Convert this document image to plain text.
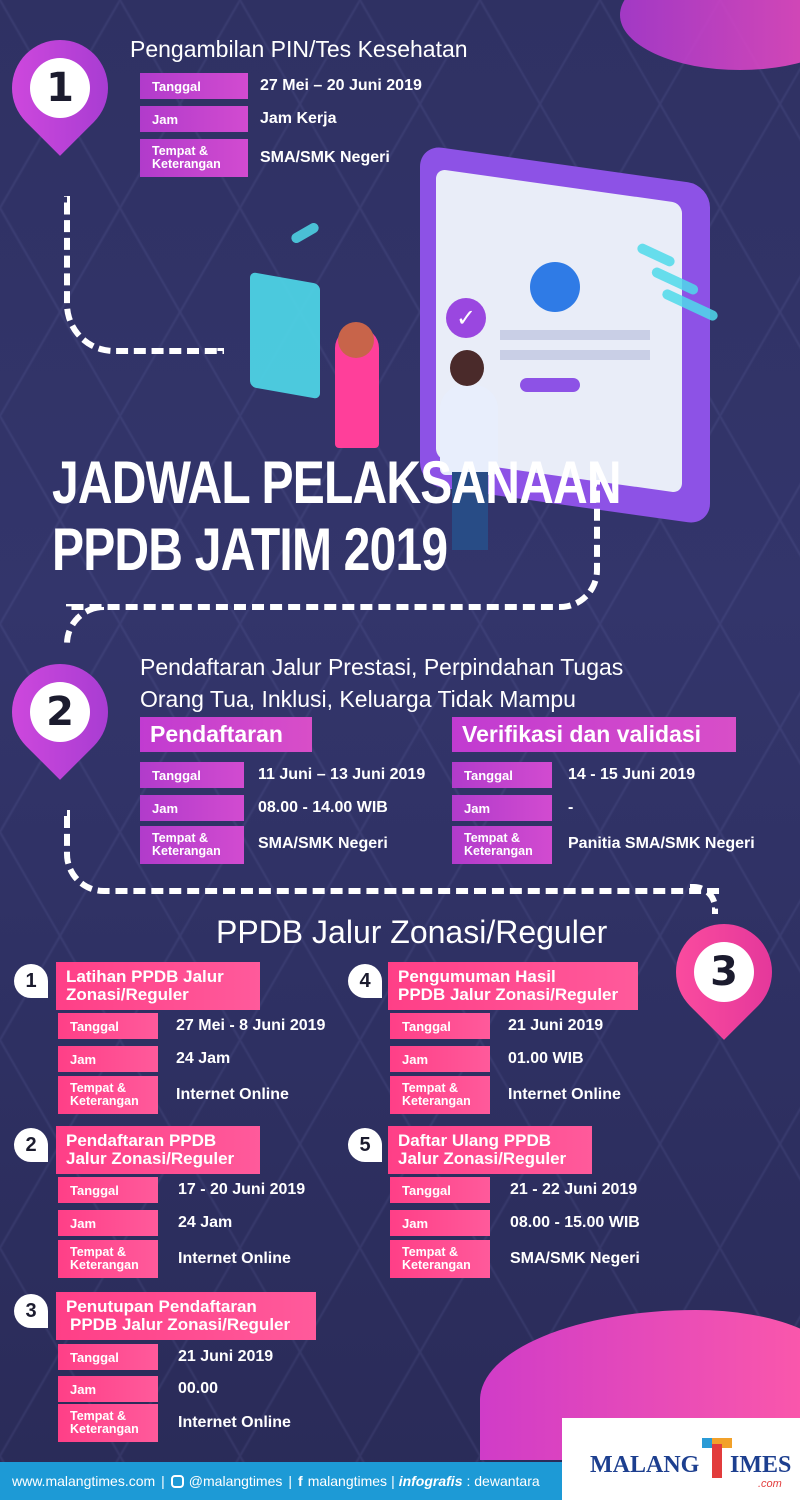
✓
1
Pengambilan PIN/Tes Kesehatan
Tanggal	27 Mei – 20 Juni 2019
Jam	Jam Kerja
Tempat & Keterangan	SMA/SMK Negeri
JADWAL PELAKSANAAN
PPDB JATIM 2019
2
Pendaftaran Jalur Prestasi, Perpindahan Tugas
Orang Tua, Inklusi, Keluarga Tidak Mampu
Pendaftaran	Verifikasi dan validasi
Tanggal	11 Juni – 13 Juni 2019
Jam	08.00 - 14.00 WIB
Tempat & Keterangan	SMA/SMK Negeri
Tanggal	14 - 15 Juni 2019
Jam	-
Tempat & Keterangan	Panitia SMA/SMK Negeri
PPDB Jalur Zonasi/Reguler
3
1	Latihan PPDB Jalur
Zonasi/Reguler
Tanggal	27 Mei - 8 Juni 2019
Jam	24 Jam
Tempat & Keterangan	Internet Online
2	Pendaftaran PPDB
Jalur Zonasi/Reguler
Tanggal	17 - 20 Juni 2019
Jam	24 Jam
Tempat & Keterangan	Internet Online
3	Penutupan Pendaftaran
PPDB Jalur Zonasi/Reguler
Tanggal	21 Juni 2019
Jam	00.00
Tempat & Keterangan	Internet Online
4	Pengumuman Hasil
PPDB Jalur Zonasi/Reguler
Tanggal	21 Juni 2019
Jam	01.00 WIB
Tempat & Keterangan	Internet Online
5	Daftar Ulang PPDB
Jalur Zonasi/Reguler
Tanggal	21 - 22 Juni 2019
Jam	08.00 - 15.00 WIB
Tempat & Keterangan	SMA/SMK Negeri
www.malangtimes.com | @malangtimes | f malangtimes | infografis : dewantara
MALANG IMES
.com
